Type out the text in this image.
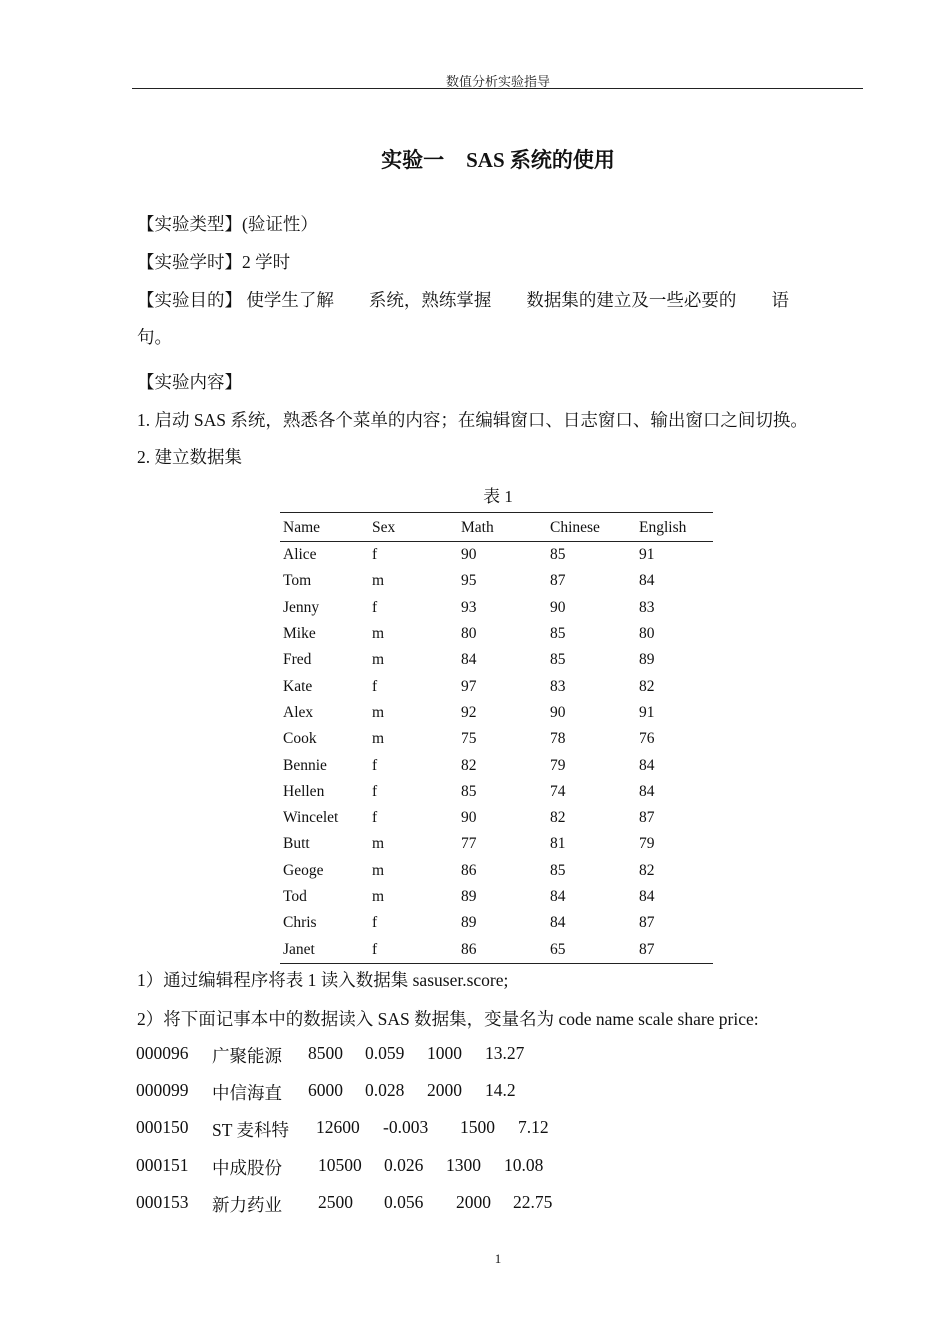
数值分析实验指导
实验一 SAS 系统的使用
【实验类型】(验证性）
【实验学时】2 学时
【实验目的】 使学生了解        系统，熟练掌握        数据集的建立及一些必要的        语
句。
【实验内容】
1. 启动 SAS 系统，熟悉各个菜单的内容；在编辑窗口、日志窗口、输出窗口之间切换。
2. 建立数据集
表 1
Name	Sex	Math	Chinese	English
Alice	f	90	85	91
Tom	m	95	87	84
Jenny	f	93	90	83
Mike	m	80	85	80
Fred	m	84	85	89
Kate	f	97	83	82
Alex	m	92	90	91
Cook	m	75	78	76
Bennie	f	82	79	84
Hellen	f	85	74	84
Wincelet	f	90	82	87
Butt	m	77	81	79
Geoge	m	86	85	82
Tod	m	89	84	84
Chris	f	89	84	87
Janet	f	86	65	87
1）通过编辑程序将表 1 读入数据集 sasuser.score;
2）将下面记事本中的数据读入 SAS 数据集，变量名为 code name scale share price:
000096 广聚能源 8500 0.059 1000 13.27
000099 中信海直 6000 0.028 2000 14.2
000150 ST 麦科特 12600 -0.003 1500 7.12
000151 中成股份 10500 0.026 1300 10.08
000153 新力药业 2500 0.056 2000 22.75
1
